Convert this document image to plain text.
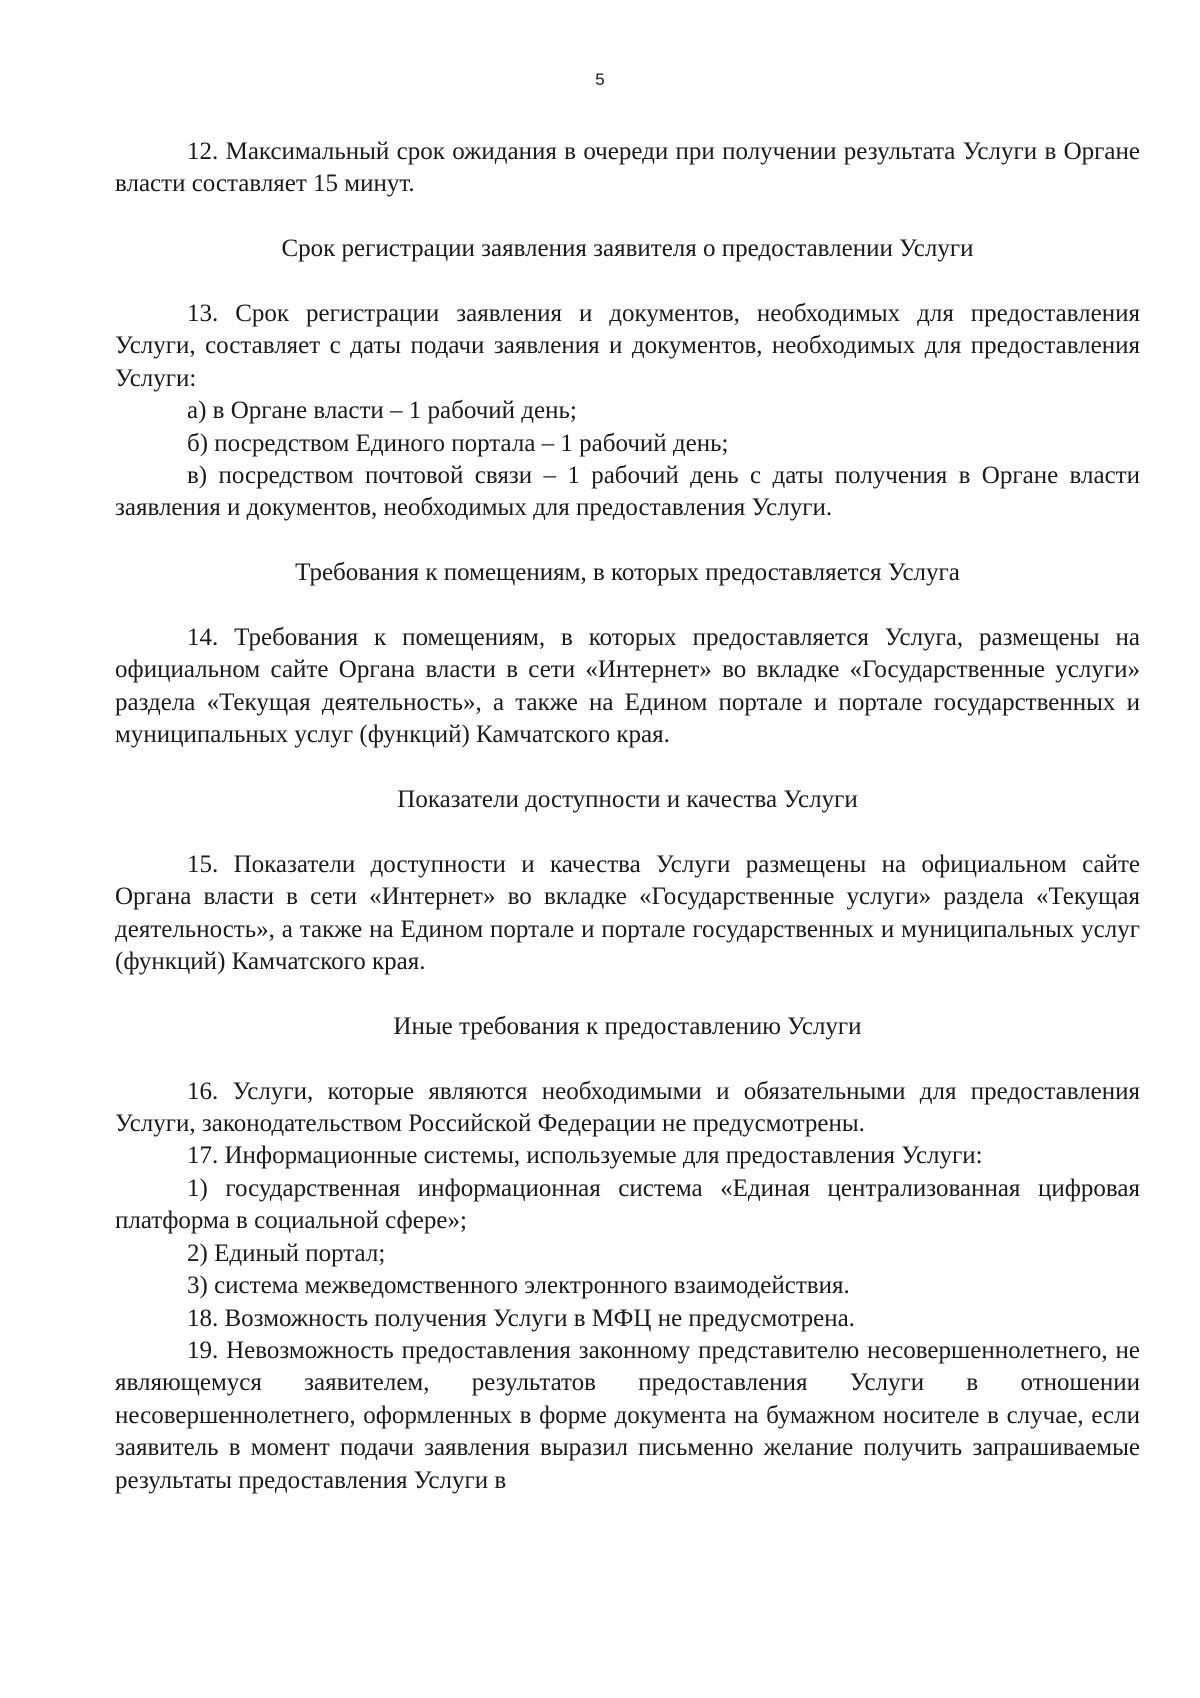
5

12. Максимальный срок ожидания в очереди при получении результата Услуги в Органе власти составляет 15 минут.

Срок регистрации заявления заявителя о предоставлении Услуги

13. Срок регистрации заявления и документов, необходимых для предоставления Услуги, составляет с даты подачи заявления и документов, необходимых для предоставления Услуги:

а) в Органе власти – 1 рабочий день;

б) посредством Единого портала – 1 рабочий день;

в) посредством почтовой связи – 1 рабочий день с даты получения в Органе власти заявления и документов, необходимых для предоставления Услуги.

Требования к помещениям, в которых предоставляется Услуга

14. Требования к помещениям, в которых предоставляется Услуга, размещены на официальном сайте Органа власти в сети «Интернет» во вкладке «Государственные услуги» раздела «Текущая деятельность», а также на Едином портале и портале государственных и муниципальных услуг (функций) Камчатского края.

Показатели доступности и качества Услуги

15. Показатели доступности и качества Услуги размещены на официальном сайте Органа власти в сети «Интернет» во вкладке «Государственные услуги» раздела «Текущая деятельность», а также на Едином портале и портале государственных и муниципальных услуг (функций) Камчатского края.

Иные требования к предоставлению Услуги

16. Услуги, которые являются необходимыми и обязательными для предоставления Услуги, законодательством Российской Федерации не предусмотрены.

17. Информационные системы, используемые для предоставления Услуги:

1) государственная информационная система «Единая централизованная цифровая платформа в социальной сфере»;

2) Единый портал;

3) система межведомственного электронного взаимодействия.

18. Возможность получения Услуги в МФЦ не предусмотрена.

19. Невозможность предоставления законному представителю несовершеннолетнего, не являющемуся заявителем, результатов предоставления Услуги в отношении несовершеннолетнего, оформленных в форме документа на бумажном носителе в случае, если заявитель в момент подачи заявления выразил письменно желание получить запрашиваемые результаты предоставления Услуги в
